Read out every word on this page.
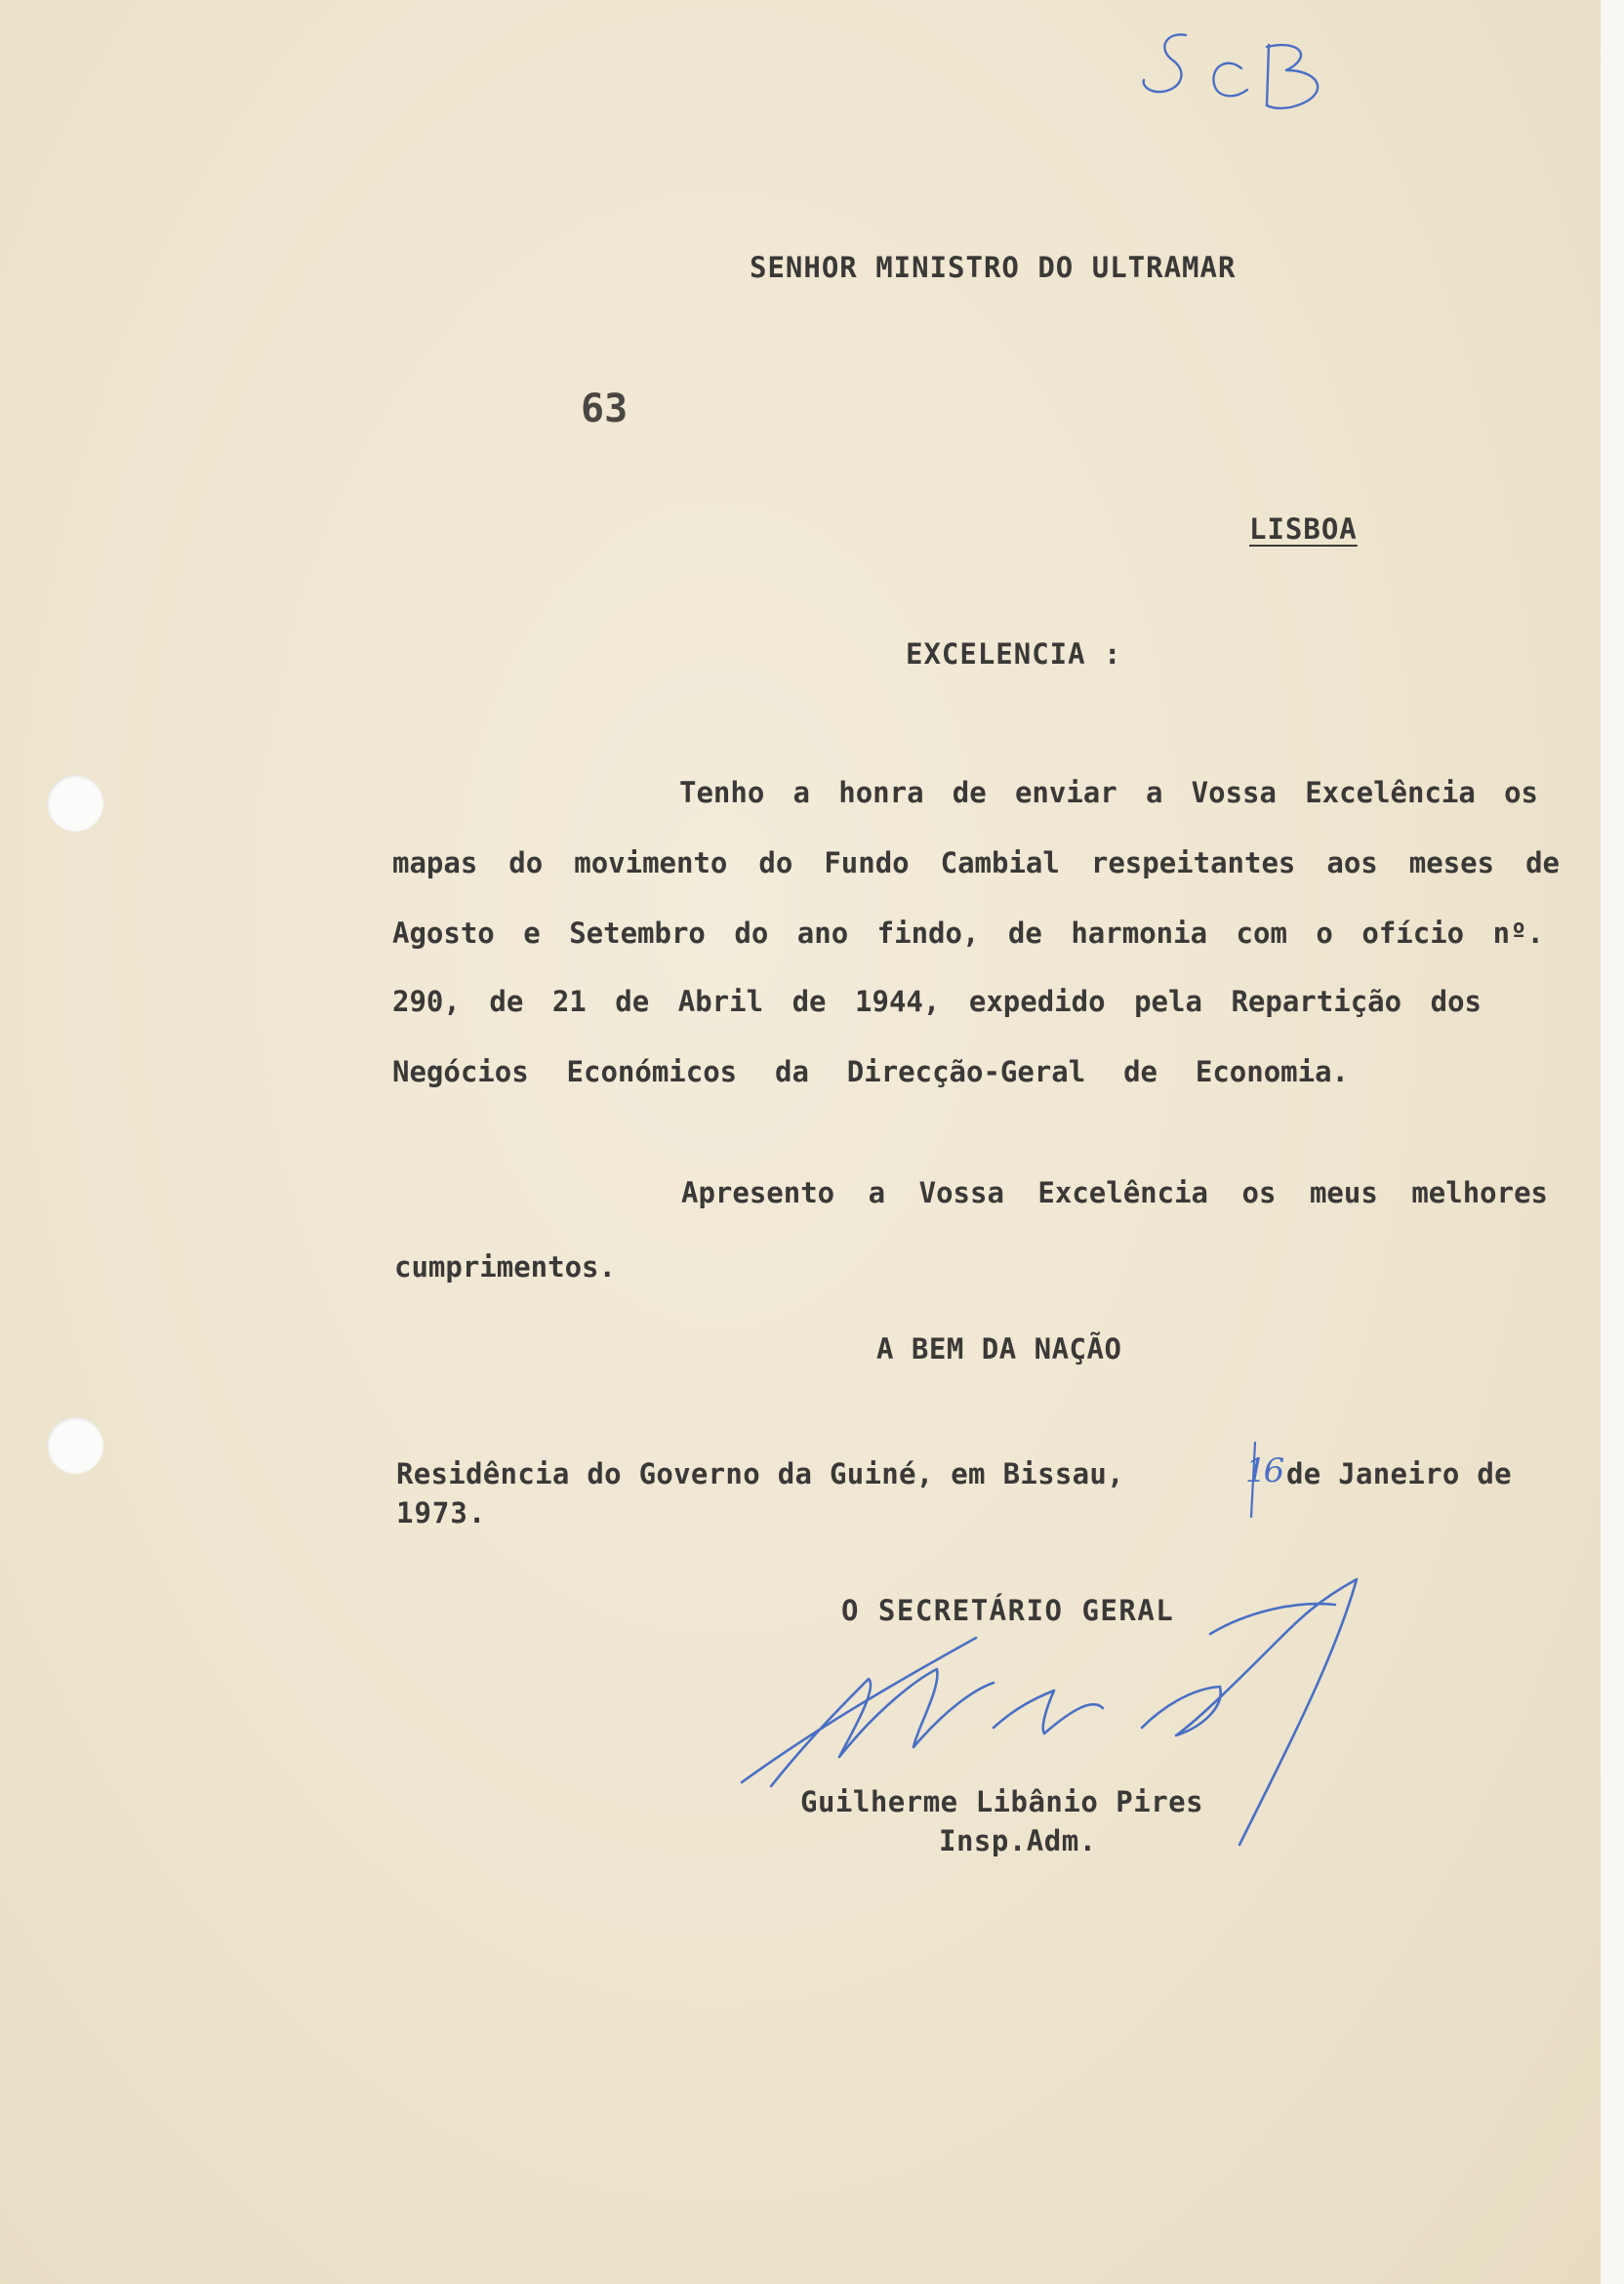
SENHOR MINISTRO DO ULTRAMAR
63
LISBOA
EXCELENCIA :
Tenho a honra de enviar a Vossa Excelência os
mapas do movimento do Fundo Cambial respeitantes aos meses de
Agosto e Setembro do ano findo, de harmonia com o ofício nº.
290, de 21 de Abril de 1944, expedido pela Repartição dos
Negócios Económicos da Direcção-Geral de Economia.
Apresento a Vossa Excelência os meus melhores
cumprimentos.
A BEM DA NAÇÃO
Residência do Governo da Guiné, em Bissau,	16 de Janeiro de
1973.
O SECRETÁRIO GERAL
Guilherme Libânio Pires
Insp.Adm.
